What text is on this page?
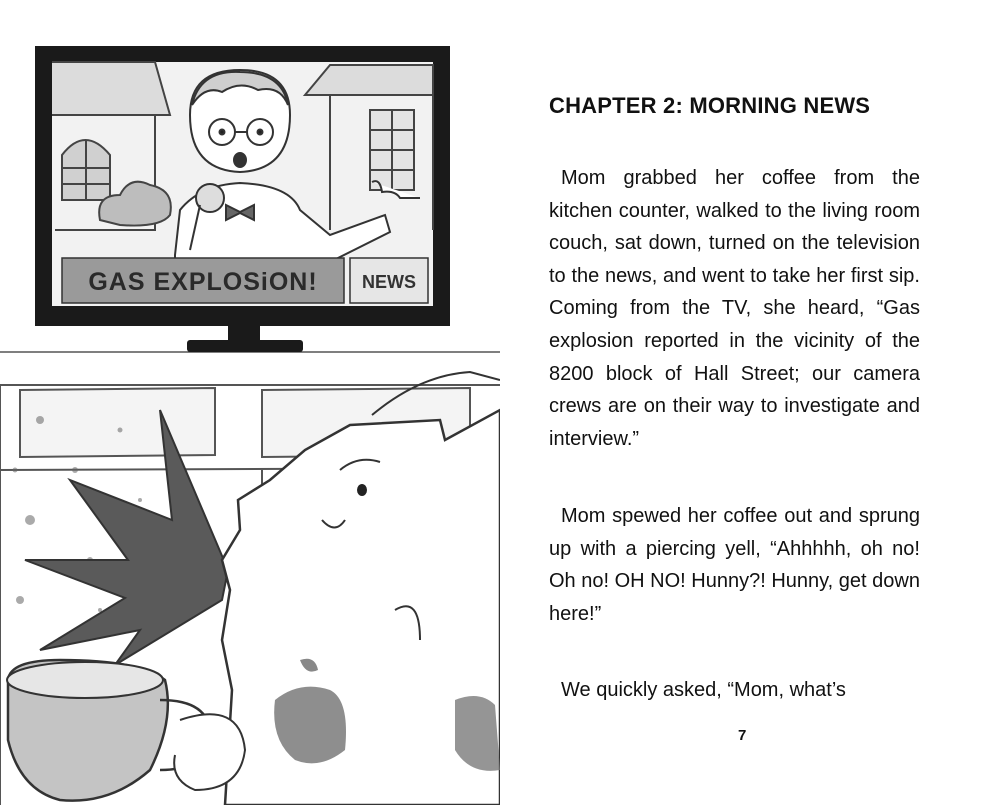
GAS EXPLOSiON! NEWS
CHAPTER 2: MORNING NEWS

Mom grabbed her coffee from the kitchen counter, walked to the living room couch, sat down, turned on the television to the news, and went to take her first sip. Coming from the TV, she heard, “Gas explosion reported in the vicinity of the 8200 block of Hall Street; our camera crews are on their way to investigate and interview.”

Mom spewed her coffee out and sprung up with a piercing yell, “Ahhhhh, oh no! Oh no! OH NO! Hunny?! Hunny, get down here!”

We quickly asked, “Mom, what’s

7
